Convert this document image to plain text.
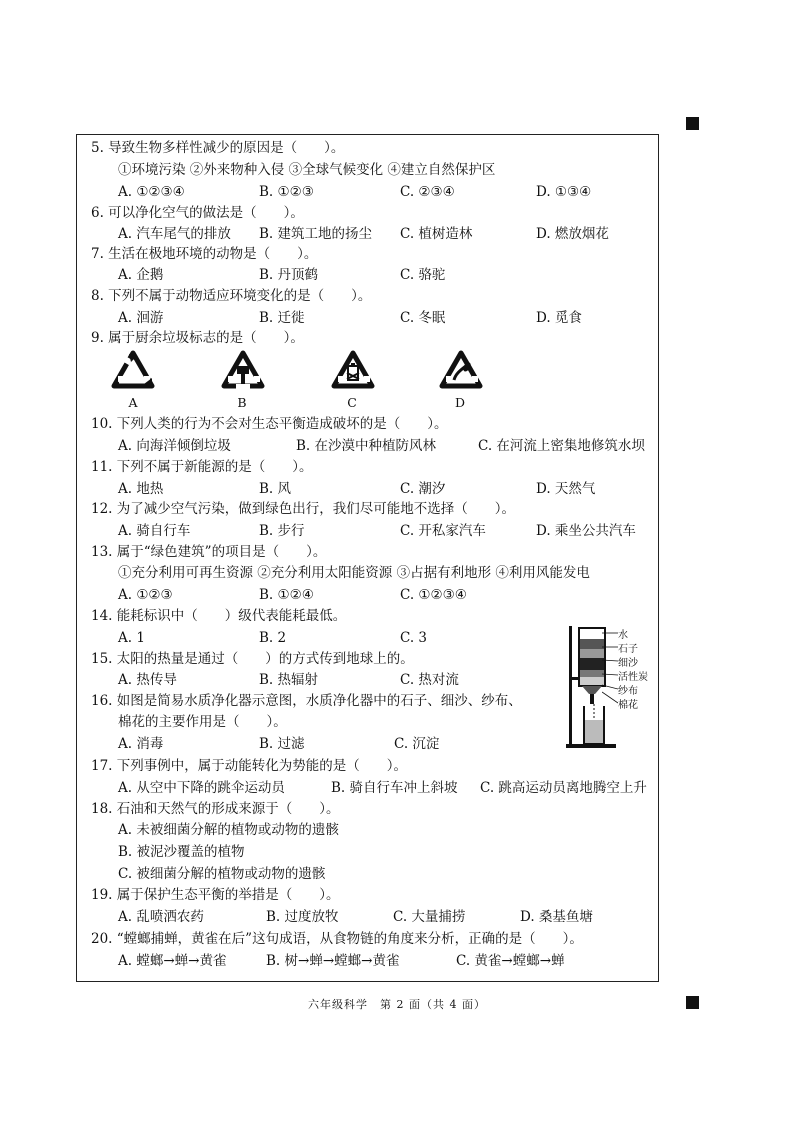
5. 导致生物多样性减少的原因是（　　）。
①环境污染 ②外来物种入侵 ③全球气候变化 ④建立自然保护区
A. ①②③④	B. ①②③	C. ②③④	D. ①③④
6. 可以净化空气的做法是（　　）。
A. 汽车尾气的排放 B. 建筑工地的扬尘 C. 植树造林	D. 燃放烟花
7. 生活在极地环境的动物是（　　）。
A. 企鹅	B. 丹顶鹤	C. 骆驼
8. 下列不属于动物适应环境变化的是（　　）。
A. 洄游	B. 迁徙	C. 冬眠	D. 觅食
9. 属于厨余垃圾标志的是（　　）。
A	B	C	D
10. 下列人类的行为不会对生态平衡造成破坏的是（　　）。
A. 向海洋倾倒垃圾	B. 在沙漠中种植防风林	C. 在河流上密集地修筑水坝
11. 下列不属于新能源的是（　　）。
A. 地热	B. 风	C. 潮汐	D. 天然气
12. 为了减少空气污染，做到绿色出行，我们尽可能地不选择（　　）。
A. 骑自行车	B. 步行	C. 开私家汽车	D. 乘坐公共汽车
13. 属于“绿色建筑”的项目是（　　）。
①充分利用可再生资源 ②充分利用太阳能资源 ③占据有利地形 ④利用风能发电
A. ①②③	B. ①②④	C. ①②③④
14. 能耗标识中（　　）级代表能耗最低。
A. 1	B. 2	C. 3
15. 太阳的热量是通过（　　）的方式传到地球上的。
A. 热传导	B. 热辐射	C. 热对流
16. 如图是简易水质净化器示意图，水质净化器中的石子、细沙、纱布、
棉花的主要作用是（　　）。
A. 消毒	B. 过滤	C. 沉淀
水
石子
细沙
活性炭
纱布
棉花
17. 下列事例中，属于动能转化为势能的是（　　）。
A. 从空中下降的跳伞运动员	B. 骑自行车冲上斜坡 C. 跳高运动员离地腾空上升
18. 石油和天然气的形成来源于（　　）。
A. 未被细菌分解的植物或动物的遗骸
B. 被泥沙覆盖的植物
C. 被细菌分解的植物或动物的遗骸
19. 属于保护生态平衡的举措是（　　）。
A. 乱喷洒农药	B. 过度放牧	C. 大量捕捞	D. 桑基鱼塘
20. “螳螂捕蝉，黄雀在后”这句成语，从食物链的角度来分析，正确的是（　　）。
A. 螳螂→蝉→黄雀	B. 树→蝉→螳螂→黄雀	C. 黄雀→螳螂→蝉
六年级科学　第 2 面（共 4 面）
